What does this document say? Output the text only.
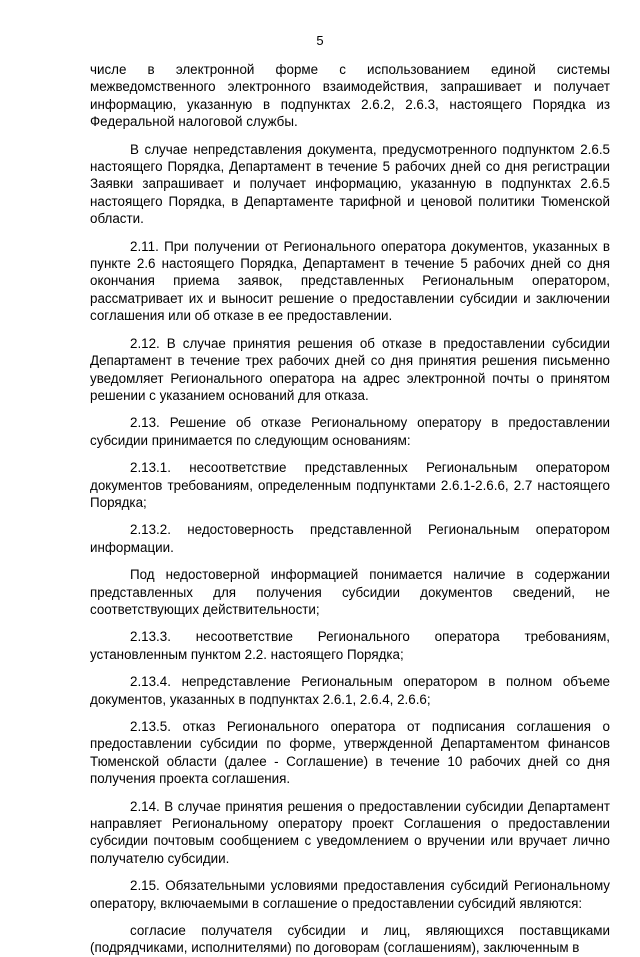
5

числе в электронной форме с использованием единой системы межведомственного электронного взаимодействия, запрашивает и получает информацию, указанную в подпунктах 2.6.2, 2.6.3, настоящего Порядка из Федеральной налоговой службы.

В случае непредставления документа, предусмотренного подпунктом 2.6.5 настоящего Порядка, Департамент в течение 5 рабочих дней со дня регистрации Заявки запрашивает и получает информацию, указанную в подпунктах 2.6.5 настоящего Порядка, в Департаменте тарифной и ценовой политики Тюменской области.

2.11. При получении от Регионального оператора документов, указанных в пункте 2.6 настоящего Порядка, Департамент в течение 5 рабочих дней со дня окончания приема заявок, представленных Региональным оператором, рассматривает их и выносит решение о предоставлении субсидии и заключении соглашения или об отказе в ее предоставлении.

2.12. В случае принятия решения об отказе в предоставлении субсидии Департамент в течение трех рабочих дней со дня принятия решения письменно уведомляет Регионального оператора на адрес электронной почты о принятом решении с указанием оснований для отказа.

2.13. Решение об отказе Региональному оператору в предоставлении субсидии принимается по следующим основаниям:

2.13.1. несоответствие представленных Региональным оператором документов требованиям, определенным подпунктами 2.6.1-2.6.6, 2.7 настоящего Порядка;

2.13.2. недостоверность представленной Региональным оператором информации.

Под недостоверной информацией понимается наличие в содержании представленных для получения субсидии документов сведений, не соответствующих действительности;

2.13.3. несоответствие Регионального оператора требованиям, установленным пунктом 2.2. настоящего Порядка;

2.13.4. непредставление Региональным оператором в полном объеме документов, указанных в подпунктах 2.6.1, 2.6.4, 2.6.6;

2.13.5. отказ Регионального оператора от подписания соглашения о предоставлении субсидии по форме, утвержденной Департаментом финансов Тюменской области (далее - Соглашение) в течение 10 рабочих дней со дня получения проекта соглашения.

2.14. В случае принятия решения о предоставлении субсидии Департамент направляет Региональному оператору проект Соглашения о предоставлении субсидии почтовым сообщением с уведомлением о вручении или вручает лично получателю субсидии.

2.15. Обязательными условиями предоставления субсидий Региональному оператору, включаемыми в соглашение о предоставлении субсидий являются:

согласие получателя субсидии и лиц, являющихся поставщиками (подрядчиками, исполнителями) по договорам (соглашениям), заключенным в
